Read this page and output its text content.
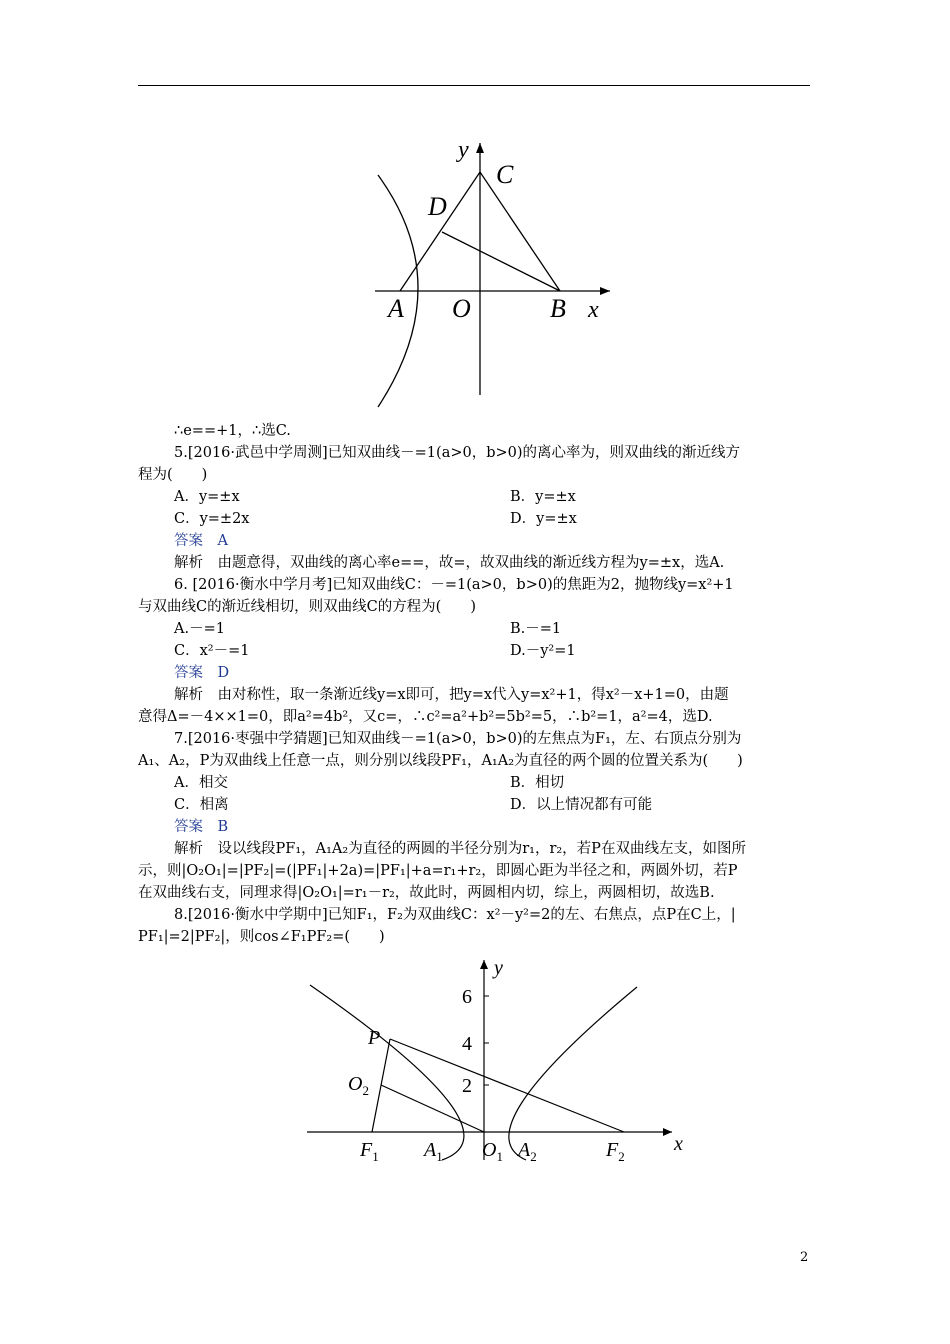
y
C
D
A O	B x
∴e==+1，∴选C.
5.[2016·武邑中学周测]已知双曲线－=1(a>0，b>0)的离心率为，则双曲线的渐近线方
程为(　　)
A．y=±x	B．y=±x
C．y=±2x	D．y=±x
答案　A
解析　由题意得，双曲线的离心率e==，故=，故双曲线的渐近线方程为y=±x，选A.
6. [2016·衡水中学月考]已知双曲线C：－=1(a>0，b>0)的焦距为2，抛物线y=x²+1
与双曲线C的渐近线相切，则双曲线C的方程为(　　)
A.－=1	B.－=1
C．x²－=1	D.－y²=1
答案　D
解析　由对称性，取一条渐近线y=x即可，把y=x代入y=x²+1，得x²－x+1=0，由题
意得Δ=－4××1=0，即a²=4b²，又c=，∴c²=a²+b²=5b²=5，∴b²=1，a²=4，选D.
7.[2016·枣强中学猜题]已知双曲线－=1(a>0，b>0)的左焦点为F₁，左、右顶点分别为
A₁、A₂，P为双曲线上任意一点，则分别以线段PF₁，A₁A₂为直径的两个圆的位置关系为(　　)
A．相交	B．相切
C．相离	D．以上情况都有可能
答案　B
解析　设以线段PF₁，A₁A₂为直径的两圆的半径分别为r₁，r₂，若P在双曲线左支，如图所
示，则|O₂O₁|=|PF₂|=(|PF₁|+2a)=|PF₁|+a=r₁+r₂，即圆心距为半径之和，两圆外切，若P
在双曲线右支，同理求得|O₂O₁|=r₁－r₂，故此时，两圆相内切，综上，两圆相切，故选B.
8.[2016·衡水中学期中]已知F₁，F₂为双曲线C：x²－y²=2的左、右焦点，点P在C上，|
PF₁|=2|PF₂|，则cos∠F₁PF₂=(　　)
y
x
6
4
2
P
$O_2$
$F_1$ $A_1$ $O_1$ $A_2$	$F_2$
2
